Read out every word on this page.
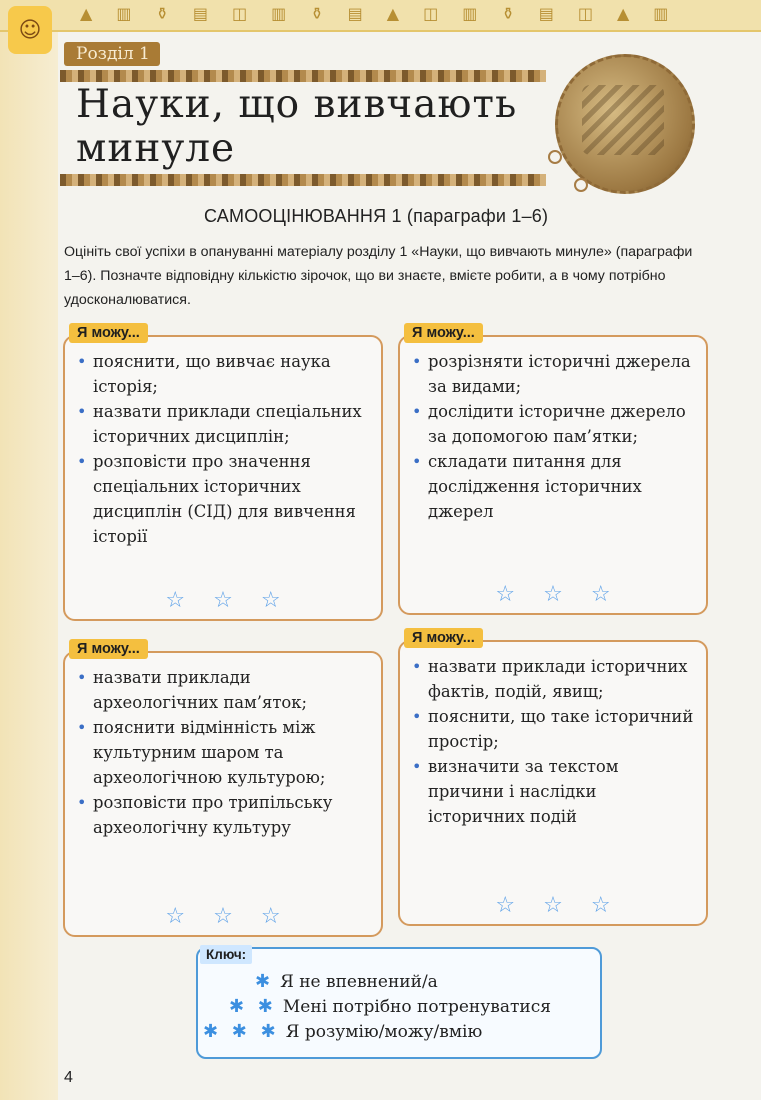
▲ ▥ ⚱ ▤ ◫ ▥ ⚱ ▤ ▲ ◫ ▥ ⚱ ▤ ◫ ▲ ▥
☺
Розділ 1
Науки, що вивчають минуле
САМООЦІНЮВАННЯ 1 (параграфи 1–6)
Оцініть свої успіхи в опануванні матеріалу розділу 1 «Науки, що вивчають минуле» (параграфи 1–6). Позначте відповідну кількістю зірочок, що ви знаєте, вмієте робити, а в чому потрібно удосконалюватися.
Я можу...
• пояснити, що вивчає наука історія;
• назвати приклади спеціальних історичних дисциплін;
• розповісти про значення спеціальних історичних дисциплін (СІД) для вивчення історії
☆ ☆ ☆
Я можу...
• розрізняти історичні джерела за видами;
• дослідити історичне джерело за допомогою пам’ятки;
• складати питання для дослідження історичних джерел
☆ ☆ ☆
Я можу...
• назвати приклади археологічних пам’яток;
• пояснити відмінність між культурним шаром та археологічною культурою;
• розповісти про трипільську археологічну культуру
☆ ☆ ☆
Я можу...
• назвати приклади історичних фактів, подій, явищ;
• пояснити, що таке історичний простір;
• визначити за текстом причини і наслідки історичних подій
☆ ☆ ☆
Ключ:
✱ Я не впевнений/а
✱ ✱ Мені потрібно потренуватися
✱ ✱ ✱ Я розумію/можу/вмію
4
